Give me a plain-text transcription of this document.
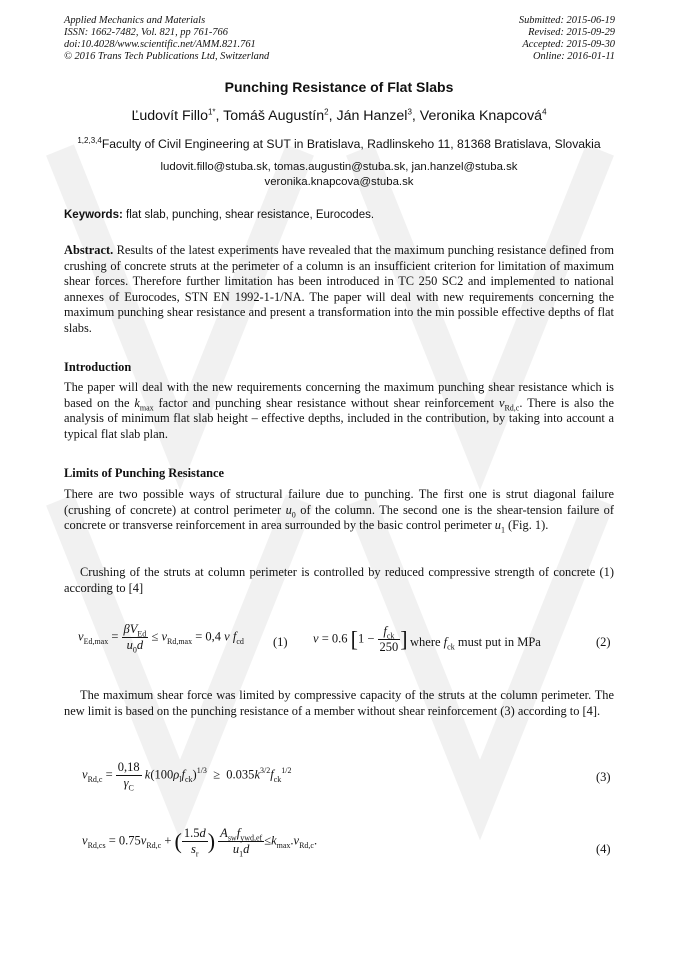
Applied Mechanics and Materials
ISSN: 1662-7482, Vol. 821, pp 761-766
doi:10.4028/www.scientific.net/AMM.821.761
© 2016 Trans Tech Publications Ltd, Switzerland
Submitted: 2015-06-19
Revised: 2015-09-29
Accepted: 2015-09-30
Online: 2016-01-11
Punching Resistance of Flat Slabs
Ľudovít Fillo$^{1*}$, Tomáš Augustín$^2$, Ján Hanzel$^3$, Veronika Knapcová$^4$
$^{1,2,3,4}$Faculty of Civil Engineering at SUT in Bratislava, Radlinskeho 11, 81368 Bratislava, Slovakia
ludovit.fillo@stuba.sk, tomas.augustin@stuba.sk, jan.hanzel@stuba.sk
veronika.knapcova@stuba.sk
Keywords: flat slab, punching, shear resistance, Eurocodes.
Abstract. Results of the latest experiments have revealed that the maximum punching resistance defined from crushing of concrete struts at the perimeter of a column is an insufficient criterion for limitation of maximum shear forces. Therefore further limitation has been introduced in TC 250 SC2 and implemented to national annexes of Eurocodes, STN EN 1992-1-1/NA. The paper will deal with new requirements concerning the maximum punching shear resistance and present a transformation into the min possible effective depths of flat slabs.
Introduction
The paper will deal with the new requirements concerning the maximum punching shear resistance which is based on the $k_{max}$ factor and punching shear resistance without shear reinforcement $v_{Rd,c}$. There is also the analysis of minimum flat slab height – effective depths, included in the contribution, by taking into account a typical flat slab plan.
Limits of Punching Resistance
There are two possible ways of structural failure due to punching. The first one is strut diagonal failure (crushing of concrete) at control perimeter $u_0$ of the column. The second one is the shear-tension failure of concrete or transverse reinforcement in area surrounded by the basic control perimeter $u_1$ (Fig. 1).
Crushing of the struts at column perimeter is controlled by reduced compressive strength of concrete (1) according to [4]
$v_{Ed,max} = \frac{\beta V_{Ed}}{u_0d} \le v_{Rd,max} = 0,4$ v $f_{cd}$ (1) v = 0.6 [$1 - \frac{f_{ck}}{250}$ ] where $f_{ck}$ must put in MPa	(2)
The maximum shear force was limited by compressive capacity of the struts at the column perimeter. The new limit is based on the punching resistance of a member without shear reinforcement (3) according to [4].
$v_{Rd,c} = \frac{0,18}{\gamma_C} k(100\rho_lf_{ck})^{1/3} \ge 0.035k^{3/2}f_{ck}^{1/2}$	(3)
$v_{Rd,cs} = 0.75v_{Rd,c}$ + ( $\frac{1.5d}{s_r}$ ) $\frac{A_{sw}f_{ywd,ef}}{u_1d} \le k_{max}.v_{Rd,c}$.
(4)
